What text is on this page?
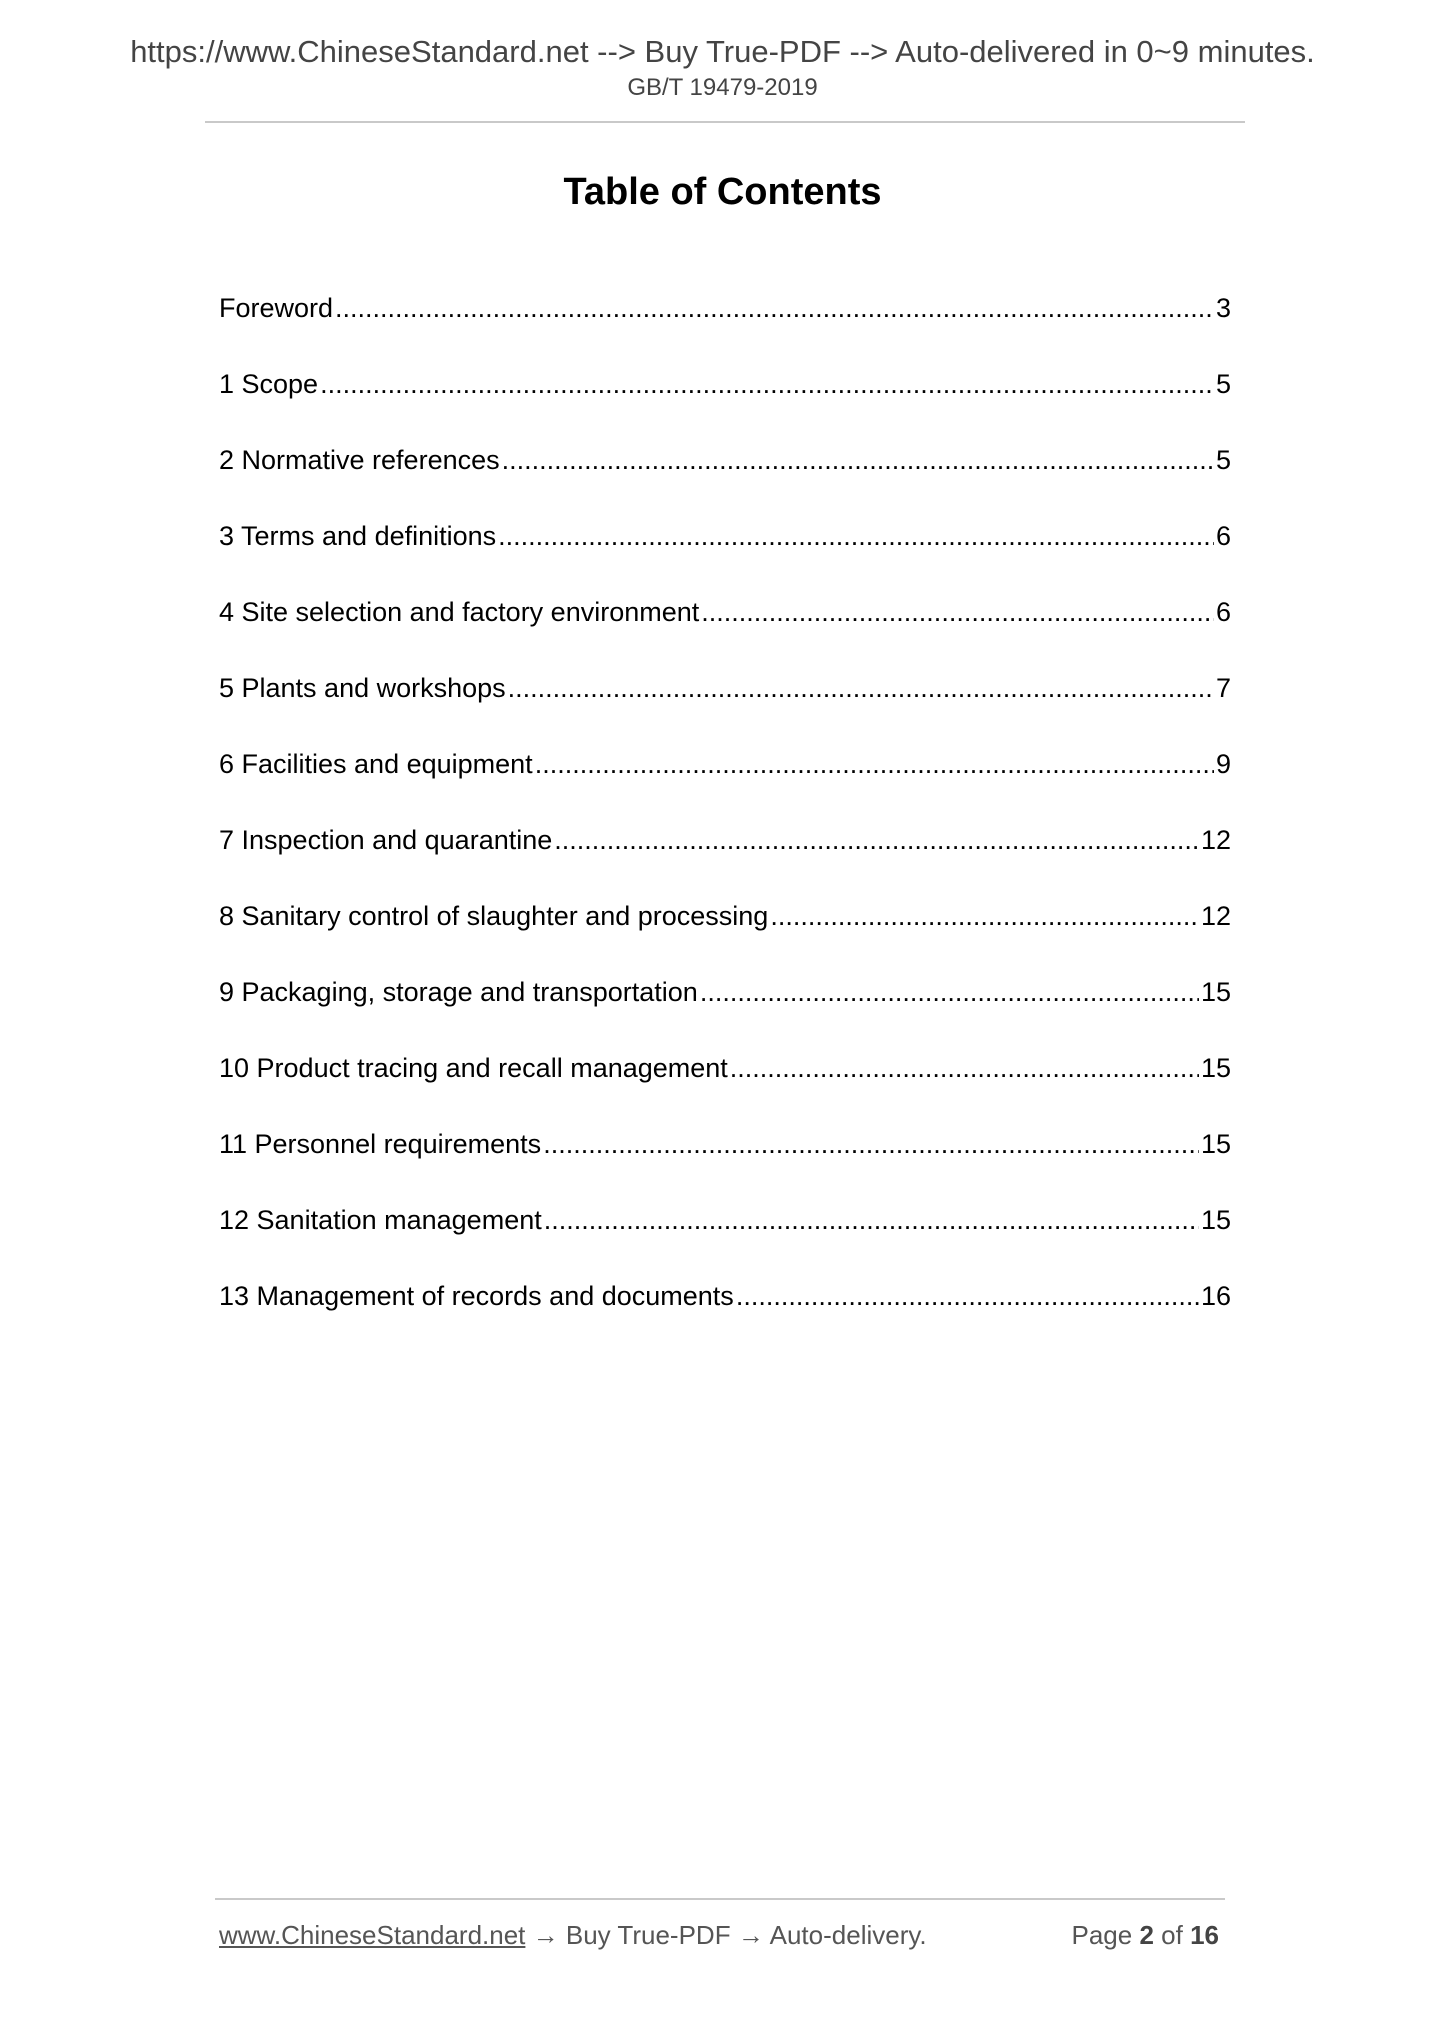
https://www.ChineseStandard.net --> Buy True-PDF --> Auto-delivered in 0~9 minutes.
GB/T 19479-2019
Table of Contents
Foreword .....	3
1 Scope .....	5
2 Normative references .....	5
3 Terms and definitions .....	6
4 Site selection and factory environment .....	6
5 Plants and workshops .....	7
6 Facilities and equipment .....	9
7 Inspection and quarantine .....	12
8 Sanitary control of slaughter and processing .....	12
9 Packaging, storage and transportation .....	15
10 Product tracing and recall management .....	15
11 Personnel requirements .....	15
12 Sanitation management .....	15
13 Management of records and documents .....	16
www.ChineseStandard.net → Buy True-PDF → Auto-delivery.	Page 2 of 16
